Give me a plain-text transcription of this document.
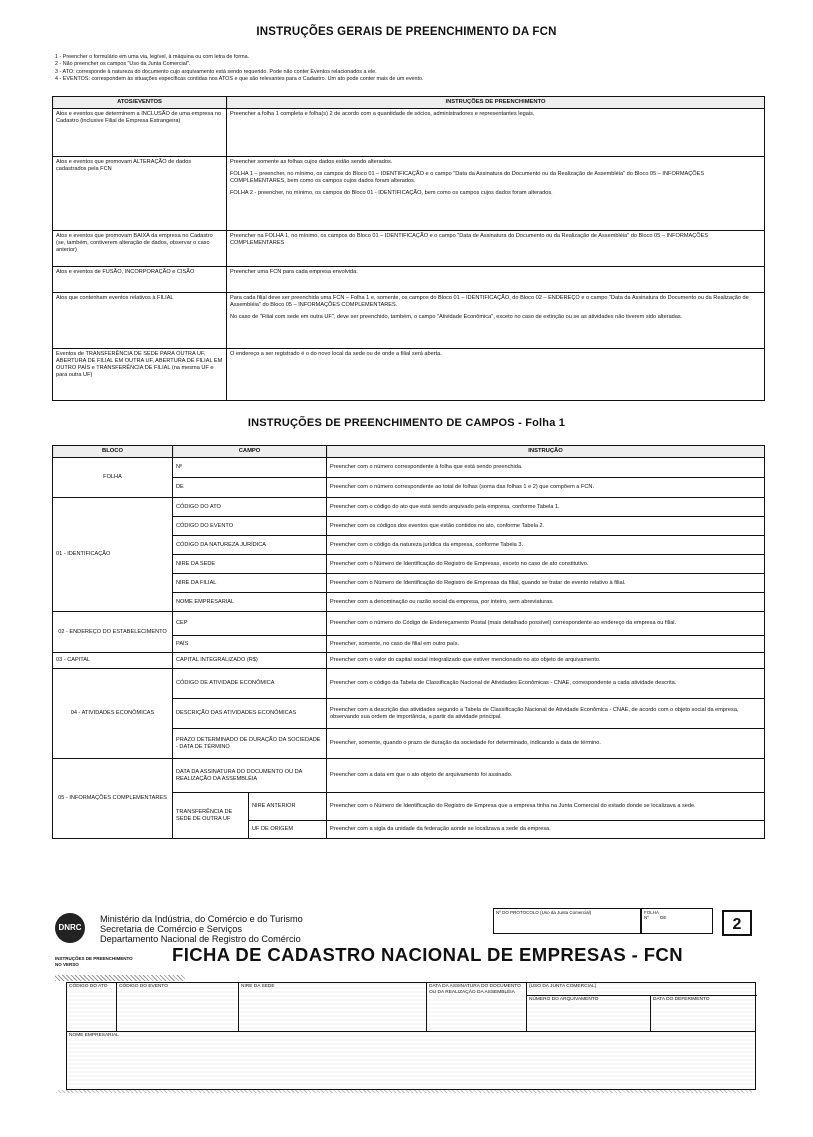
INSTRUÇÕES GERAIS DE PREENCHIMENTO DA FCN
1 - Preencher o formulário em uma via, legível, à máquina ou com letra de forma.
2 - Não preencher os campos "Uso da Junta Comercial".
3 - ATO: corresponde à natureza do documento cujo arquivamento está sendo requerido. Pode não conter Eventos relacionados a ele.
4 - EVENTOS: correspondem às situações específicas contidas nos ATOS e que são relevantes para o Cadastro. Um ato pode conter mais de um evento.
ATOS/EVENTOS	INSTRUÇÕES DE PREENCHIMENTO
Atos e eventos que determinem a INCLUSÃO de uma empresa no Cadastro (inclusive Filial de Empresa Estrangeira)	Preencher a folha 1 completa e folha(s) 2 de acordo com a quantidade de sócios, administradores e representantes legais.

Atos e eventos que promovam ALTERAÇÃO de dados cadastrados pela FCN	Preencher somente as folhas cujos dados estão sendo alterados.
FOLHA 1 – preencher, no mínimo, os campos do Bloco 01 – IDENTIFICAÇÃO e o campo "Data da Assinatura do Documento ou da Realização de Assembléia" do Bloco 05 – INFORMAÇÕES COMPLEMENTARES, bem como os campos cujos dados foram alterados.
FOLHA 2 - preencher, no mínimo, os campos do Bloco 01 - IDENTIFICAÇÃO, bem como os campos cujos dados foram alterados.

Atos e eventos que promovam BAIXA da empresa no Cadastro (se, também, contiverem alteração de dados, observar o caso anterior)	Preencher na FOLHA 1, no mínimo, os campos do Bloco 01 – IDENTIFICAÇÃO e o campo "Data de Assinatura do Documento ou da Realização de Assembléia" do Bloco 05 – INFORMAÇÕES COMPLEMENTARES

Atos e eventos de FUSÃO, INCORPORAÇÃO e CISÃO	Preencher uma FCN para cada empresa envolvida.

Atos que contenham eventos relativos à FILIAL	Para cada filial deve ser preenchida uma FCN – Folha 1 e, somente, os campos do Bloco 01 – IDENTIFICAÇÃO, do Bloco 02 – ENDEREÇO e o campo "Data da Assinatura do Documento ou da Realização de Assembléia" do Bloco 05 – INFORMAÇÕES COMPLEMENTARES.
No caso de "Filial com sede em outra UF", deve ser preenchido, também, o campo "Atividade Econômica", exceto no caso de extinção ou se as atividades não tiverem sido alteradas.

Eventos de TRANSFERÊNCIA DE SEDE PARA OUTRA UF, ABERTURA DE FILIAL EM OUTRA UF, ABERTURA DE FILIAL EM OUTRO PAÍS e TRANSFERÊNCIA DE FILIAL (na mesma UF e para outra UF)	O endereço a ser registrado é o do novo local da sede ou de onde a filial será aberta.
INSTRUÇÕES DE PREENCHIMENTO DE CAMPOS - Folha 1
BLOCO	CAMPO		INSTRUÇÃO
FOLHA	Nº		Preencher com o número correspondente à folha que está sendo preenchida.
	DE		Preencher com o número correspondente ao total de folhas (soma das folhas 1 e 2) que compõem a FCN.
01 - IDENTIFICAÇÃO	CÓDIGO DO ATO		Preencher com o código do ato que está sendo arquivado pela empresa, conforme Tabela 1.
	CÓDIGO DO EVENTO		Preencher com os códigos dos eventos que estão contidos no ato, conforme Tabela 2.
	CÓDIGO DA NATUREZA JURÍDICA		Preencher com o código da natureza jurídica da empresa, conforme Tabela 3.
	NIRE DA SEDE		Preencher com o Número de Identificação do Registro de Empresas, exceto no caso de ato constitutivo.
	NIRE DA FILIAL		Preencher com o Número de Identificação do Registro de Empresas da filial, quando se tratar de evento relativo à filial.
	NOME EMPRESARIAL		Preencher com a denominação ou razão social da empresa, por inteiro, sem abreviaturas.
02 - ENDEREÇO DO ESTABELECIMENTO	CEP		Preencher com o número do Código de Endereçamento Postal (mais detalhado possível) correspondente ao endereço da empresa ou filial.
	PAÍS		Preencher, somente, no caso de filial em outro país.
03 - CAPITAL	CAPITAL INTEGRALIZADO (R$)		Preencher com o valor do capital social integralizado que estiver mencionado no ato objeto de arquivamento.
04 - ATIVIDADES ECONÔMICAS	CÓDIGO DE ATIVIDADE ECONÔMICA		Preencher com o código da Tabela de Classificação Nacional de Atividades Econômicas - CNAE, correspondente a cada atividade descrita.
	DESCRIÇÃO DAS ATIVIDADES ECONÔMICAS		Preencher com a descrição das atividades segundo a Tabela de Classificação Nacional de Atividade Econômica - CNAE, de acordo com o objeto social da empresa, observando sua ordem de importância, a partir da atividade principal.
	PRAZO DETERMINADO DE DURAÇÃO DA SOCIEDADE - DATA DE TÉRMINO		Preencher, somente, quando o prazo de duração da sociedade for determinado, indicando a data de término.
05 - INFORMAÇÕES COMPLEMENTARES	DATA DA ASSINATURA DO DOCUMENTO OU DA REALIZAÇÃO DA ASSEMBLÉIA		Preencher com a data em que o ato objeto de arquivamento foi assinado.
	TRANSFERÊNCIA DE SEDE DE OUTRA UF	NIRE ANTERIOR	Preencher com o Número de Identificação do Registro de Empresa que a empresa tinha na Junta Comercial do estado donde se localizava a sede.
		UF DE ORIGEM	Preencher com a sigla da unidade da federação aonde se localizava a sede da empresa.
DNRC
Ministério da Indústria, do Comércio e do Turismo
Secretaria de Comércio e Serviços
Departamento Nacional de Registro do Comércio
Nº DO PROTOCOLO (Uso da Junta Comercial)	FOLHA
Nº	DE	2
INSTRUÇÕES DE PREENCHIMENTO
NO VERSO	FICHA DE CADASTRO NACIONAL DE EMPRESAS - FCN
CÓDIGO DO ATO	CÓDIGO DO EVENTO	NIRE DA SEDE	DATA DA ASSINATURA DO DOCUMENTO OU DA REALIZAÇÃO DA ASSEMBLÉIA
(USO DA JUNTA COMERCIAL)
NÚMERO DO ARQUIVAMENTO	DATA DO DEFERIMENTO
NOME EMPRESARIAL
